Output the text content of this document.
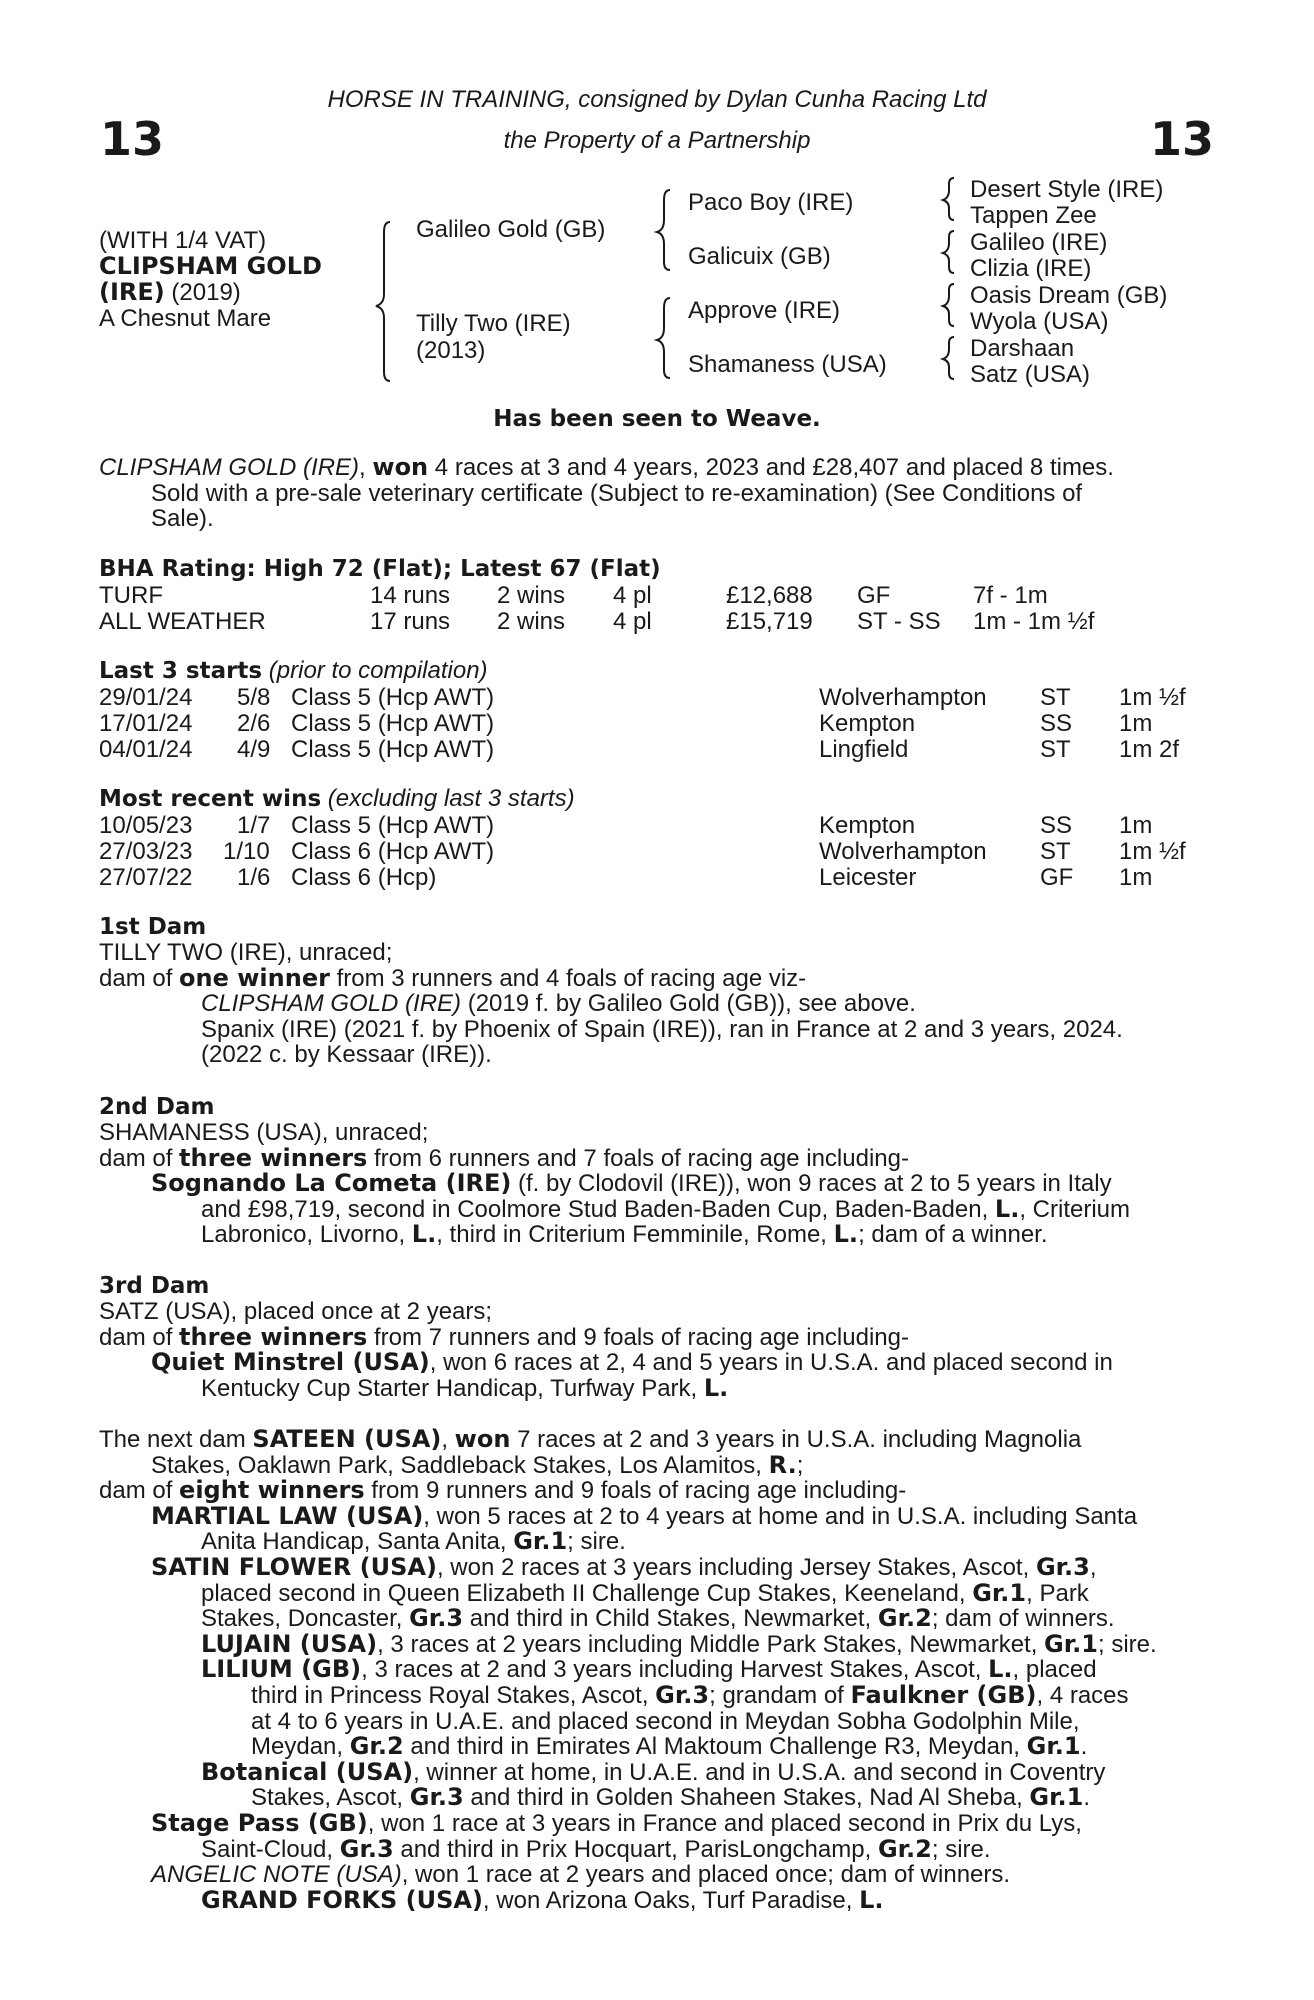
13	13
HORSE IN TRAINING, consigned by Dylan Cunha Racing Ltd
the Property of a Partnership
(WITH 1/4 VAT)
CLIPSHAM GOLD
(IRE) (2019)
A Chesnut Mare
Galileo Gold (GB)
Tilly Two (IRE)
(2013)
Paco Boy (IRE)
Galicuix (GB)
Approve (IRE)
Shamaness (USA)
Desert Style (IRE)
Tappen Zee
Galileo (IRE)
Clizia (IRE)
Oasis Dream (GB)
Wyola (USA)
Darshaan
Satz (USA)
Has been seen to Weave.
CLIPSHAM GOLD (IRE), won 4 races at 3 and 4 years, 2023 and £28,407 and placed 8 times.
Sold with a pre-sale veterinary certificate (Subject to re-examination) (See Conditions of
Sale).
BHA Rating: High 72 (Flat); Latest 67 (Flat)
TURF	14 runs 2 wins 4 pl	£12,688 GF	7f - 1m
ALL WEATHER	17 runs 2 wins 4 pl	£15,719 ST - SS 1m - 1m ½f
Last 3 starts (prior to compilation)
29/01/24 5/8 Class 5 (Hcp AWT)	Wolverhampton ST 1m ½f
17/01/24 2/6 Class 5 (Hcp AWT)	Kempton	SS 1m
04/01/24 4/9 Class 5 (Hcp AWT)	Lingfield	ST 1m 2f
Most recent wins (excluding last 3 starts)
10/05/23 1/7 Class 5 (Hcp AWT)	Kempton	SS 1m
27/03/23 1/10 Class 6 (Hcp AWT)	Wolverhampton ST 1m ½f
27/07/22 1/6 Class 6 (Hcp)	Leicester	GF 1m
1st Dam
TILLY TWO (IRE), unraced;
dam of one winner from 3 runners and 4 foals of racing age viz-
CLIPSHAM GOLD (IRE) (2019 f. by Galileo Gold (GB)), see above.
Spanix (IRE) (2021 f. by Phoenix of Spain (IRE)), ran in France at 2 and 3 years, 2024.
(2022 c. by Kessaar (IRE)).
2nd Dam
SHAMANESS (USA), unraced;
dam of three winners from 6 runners and 7 foals of racing age including-
Sognando La Cometa (IRE) (f. by Clodovil (IRE)), won 9 races at 2 to 5 years in Italy
and £98,719, second in Coolmore Stud Baden-Baden Cup, Baden-Baden, L., Criterium
Labronico, Livorno, L., third in Criterium Femminile, Rome, L.; dam of a winner.
3rd Dam
SATZ (USA), placed once at 2 years;
dam of three winners from 7 runners and 9 foals of racing age including-
Quiet Minstrel (USA), won 6 races at 2, 4 and 5 years in U.S.A. and placed second in
Kentucky Cup Starter Handicap, Turfway Park, L.
The next dam SATEEN (USA), won 7 races at 2 and 3 years in U.S.A. including Magnolia
Stakes, Oaklawn Park, Saddleback Stakes, Los Alamitos, R.;
dam of eight winners from 9 runners and 9 foals of racing age including-
MARTIAL LAW (USA), won 5 races at 2 to 4 years at home and in U.S.A. including Santa
Anita Handicap, Santa Anita, Gr.1; sire.
SATIN FLOWER (USA), won 2 races at 3 years including Jersey Stakes, Ascot, Gr.3,
placed second in Queen Elizabeth II Challenge Cup Stakes, Keeneland, Gr.1, Park
Stakes, Doncaster, Gr.3 and third in Child Stakes, Newmarket, Gr.2; dam of winners.
LUJAIN (USA), 3 races at 2 years including Middle Park Stakes, Newmarket, Gr.1; sire.
LILIUM (GB), 3 races at 2 and 3 years including Harvest Stakes, Ascot, L., placed
third in Princess Royal Stakes, Ascot, Gr.3; grandam of Faulkner (GB), 4 races
at 4 to 6 years in U.A.E. and placed second in Meydan Sobha Godolphin Mile,
Meydan, Gr.2 and third in Emirates Al Maktoum Challenge R3, Meydan, Gr.1.
Botanical (USA), winner at home, in U.A.E. and in U.S.A. and second in Coventry
Stakes, Ascot, Gr.3 and third in Golden Shaheen Stakes, Nad Al Sheba, Gr.1.
Stage Pass (GB), won 1 race at 3 years in France and placed second in Prix du Lys,
Saint-Cloud, Gr.3 and third in Prix Hocquart, ParisLongchamp, Gr.2; sire.
ANGELIC NOTE (USA), won 1 race at 2 years and placed once; dam of winners.
GRAND FORKS (USA), won Arizona Oaks, Turf Paradise, L.
